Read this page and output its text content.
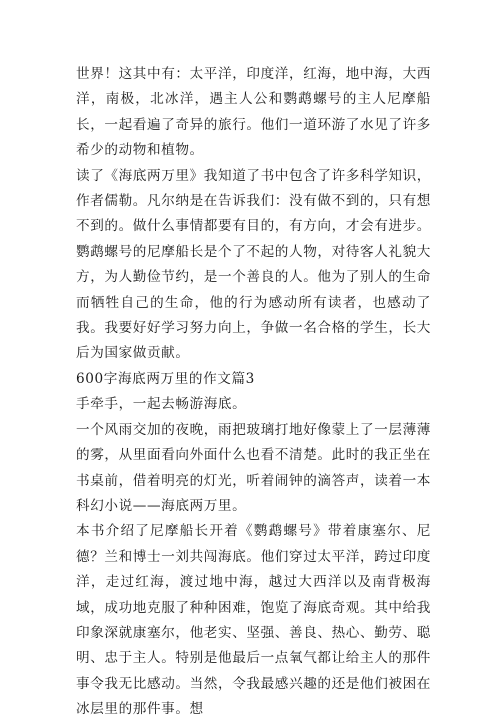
世界！这其中有：太平洋，印度洋，红海，地中海，大西洋，南极，北冰洋，遇主人公和鹦鹉螺号的主人尼摩船长，一起看遍了奇异的旅行。他们一道环游了水见了许多希少的动物和植物。

读了《海底两万里》我知道了书中包含了许多科学知识，作者儒勒。凡尔纳是在告诉我们：没有做不到的，只有想不到的。做什么事情都要有目的，有方向，才会有进步。鹦鹉螺号的尼摩船长是个了不起的人物，对待客人礼貌大方，为人勤俭节约，是一个善良的人。他为了别人的生命而牺牲自己的生命，他的行为感动所有读者，也感动了我。我要好好学习努力向上，争做一名合格的学生，长大后为国家做贡献。

600字海底两万里的作文篇3

手牵手，一起去畅游海底。

一个风雨交加的夜晚，雨把玻璃打地好像蒙上了一层薄薄的雾，从里面看向外面什么也看不清楚。此时的我正坐在书桌前，借着明亮的灯光，听着闹钟的滴答声，读着一本科幻小说——海底两万里。

本书介绍了尼摩船长开着《鹦鹉螺号》带着康塞尔、尼德？兰和博士一刘共闯海底。他们穿过太平洋，跨过印度洋，走过红海，渡过地中海，越过大西洋以及南背极海域，成功地克服了种种困难，饱览了海底奇观。其中给我印象深就康塞尔，他老实、坚强、善良、热心、勤劳、聪明、忠于主人。特别是他最后一点氧气都让给主人的那件事令我无比感动。当然，令我最感兴趣的还是他们被困在冰层里的那件事。想
